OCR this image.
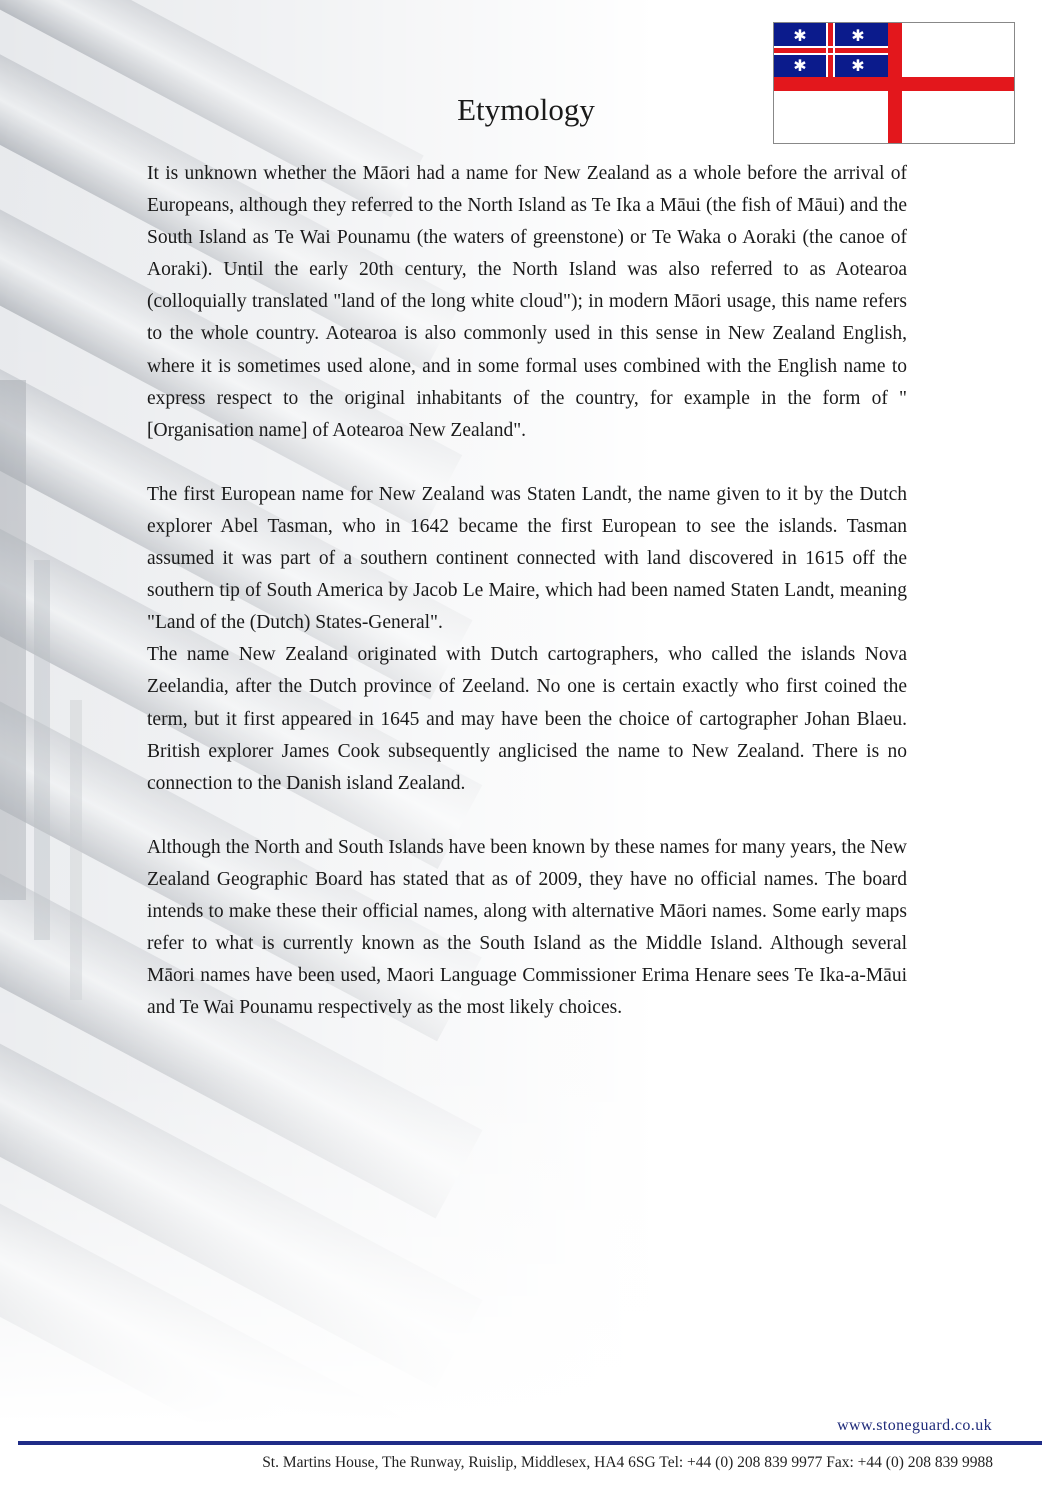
✱	✱
✱	✱
Etymology

It is unknown whether the Māori had a name for New Zealand as a whole before the arrival of Europeans, although they referred to the North Island as Te Ika a Māui (the fish of Māui) and the South Island as Te Wai Pounamu (the waters of greenstone) or Te Waka o Aoraki (the canoe of Aoraki). Until the early 20th century, the North Island was also referred to as Aotearoa (colloquially translated "land of the long white cloud"); in modern Māori usage, this name refers to the whole country. Aotearoa is also commonly used in this sense in New Zealand English, where it is sometimes used alone, and in some formal uses combined with the English name to express respect to the original inhabitants of the country, for example in the form of "[Organisation name] of Aotearoa New Zealand".

The first European name for New Zealand was Staten Landt, the name given to it by the Dutch explorer Abel Tasman, who in 1642 became the first European to see the islands. Tasman assumed it was part of a southern continent connected with land discovered in 1615 off the southern tip of South America by Jacob Le Maire, which had been named Staten Landt, meaning "Land of the (Dutch) States-General".

The name New Zealand originated with Dutch cartographers, who called the islands Nova Zeelandia, after the Dutch province of Zeeland. No one is certain exactly who first coined the term, but it first appeared in 1645 and may have been the choice of cartographer Johan Blaeu. British explorer James Cook subsequently anglicised the name to New Zealand. There is no connection to the Danish island Zealand.

Although the North and South Islands have been known by these names for many years, the New Zealand Geographic Board has stated that as of 2009, they have no official names. The board intends to make these their official names, along with alternative Māori names. Some early maps refer to what is currently known as the South Island as the Middle Island. Although several Māori names have been used, Maori Language Commissioner Erima Henare sees Te Ika-a-Māui and Te Wai Pounamu respectively as the most likely choices.

www.stoneguard.co.uk
St. Martins House, The Runway, Ruislip, Middlesex, HA4 6SG Tel: +44 (0) 208 839 9977 Fax: +44 (0) 208 839 9988
